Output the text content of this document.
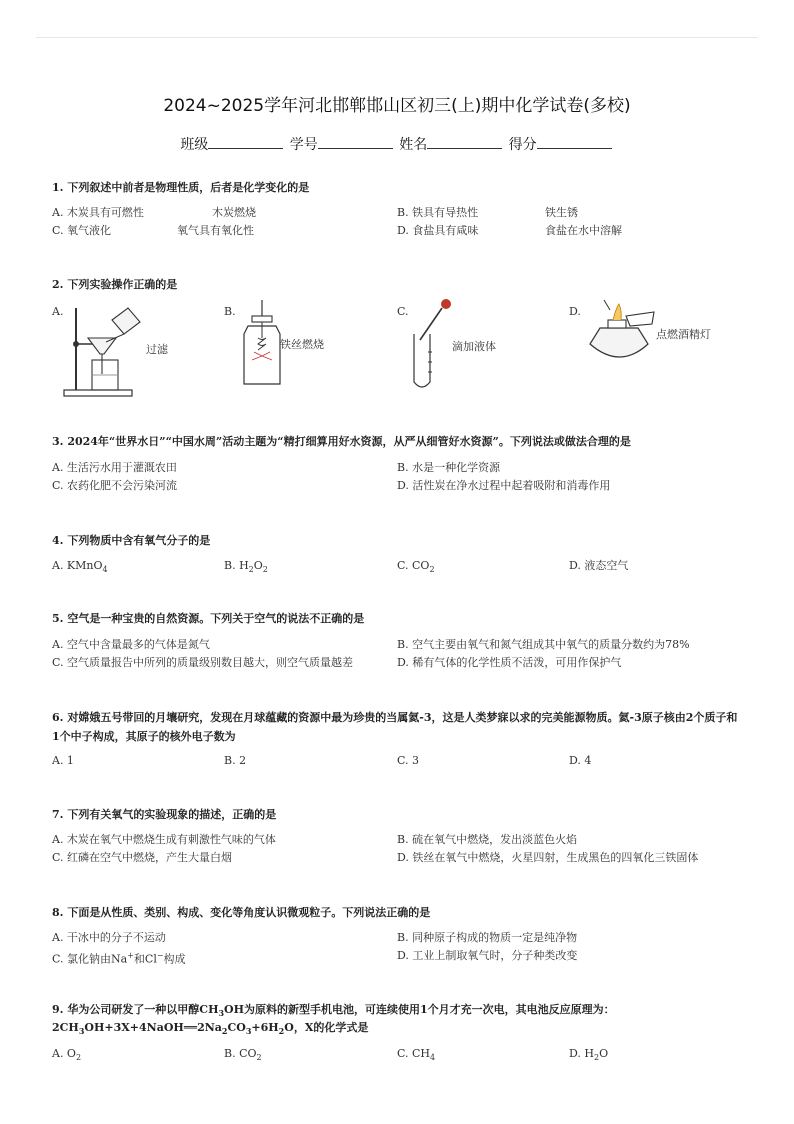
2024~2025学年河北邯郸邯山区初三(上)期中化学试卷(多校)
班级	学号	姓名	得分
1. 下列叙述中前者是物理性质，后者是化学变化的是
A. 木炭具有可燃性	木炭燃烧	B. 铁具有导热性	铁生锈
C. 氧气液化	氧气具有氧化性	D. 食盐具有咸味	食盐在水中溶解
2. 下列实验操作正确的是
A.	B.	C.	D.
过滤	铁丝燃烧	滴加液体
点燃酒精灯
3. 2024年“世界水日”“中国水周”活动主题为“精打细算用好水资源，从严从细管好水资源”。下列说法或做法合理的是
A. 生活污水用于灌溉农田	B. 水是一种化学资源
C. 农药化肥不会污染河流	D. 活性炭在净水过程中起着吸附和消毒作用
4. 下列物质中含有氧气分子的是
A. KMnO$_4$	B. $H_2O_2$	C. $CO_2$	D. 液态空气
5. 空气是一种宝贵的自然资源。下列关于空气的说法不正确的是
A. 空气中含量最多的气体是氮气	B. 空气主要由氧气和氮气组成其中氧气的质量分数约为78%
C. 空气质量报告中所列的质量级别数目越大，则空气质量越差	D. 稀有气体的化学性质不活泼，可用作保护气
6. 对嫦娥五号带回的月壤研究，发现在月球蕴藏的资源中最为珍贵的当属氦-3，这是人类梦寐以求的完美能源物质。氦-3原子核由2个质子和1个中子构成，其原子的核外电子数为
A. 1	B. 2	C. 3	D. 4
7. 下列有关氧气的实验现象的描述，正确的是
A. 木炭在氧气中燃烧生成有刺激性气味的气体	B. 硫在氧气中燃烧，发出淡蓝色火焰
C. 红磷在空气中燃烧，产生大量白烟	D. 铁丝在氧气中燃烧，火星四射，生成黑色的四氧化三铁固体
8. 下面是从性质、类别、构成、变化等角度认识微观粒子。下列说法正确的是
A. 干冰中的分子不运动	B. 同种原子构成的物质一定是纯净物
C. 氯化钠由Na+和Cl−构成	D. 工业上制取氧气时，分子种类改变
9. 华为公司研发了一种以甲醇$CH_3OH$为原料的新型手机电池，可连续使用1个月才充一次电，其电池反应原理为：
$2CH_3OH+3X+4NaOH══2Na_2CO_3+6H_2O$，X的化学式是
A. $O_2$	B. $CO_2$	C. $CH_4$	D. $H_2O$
